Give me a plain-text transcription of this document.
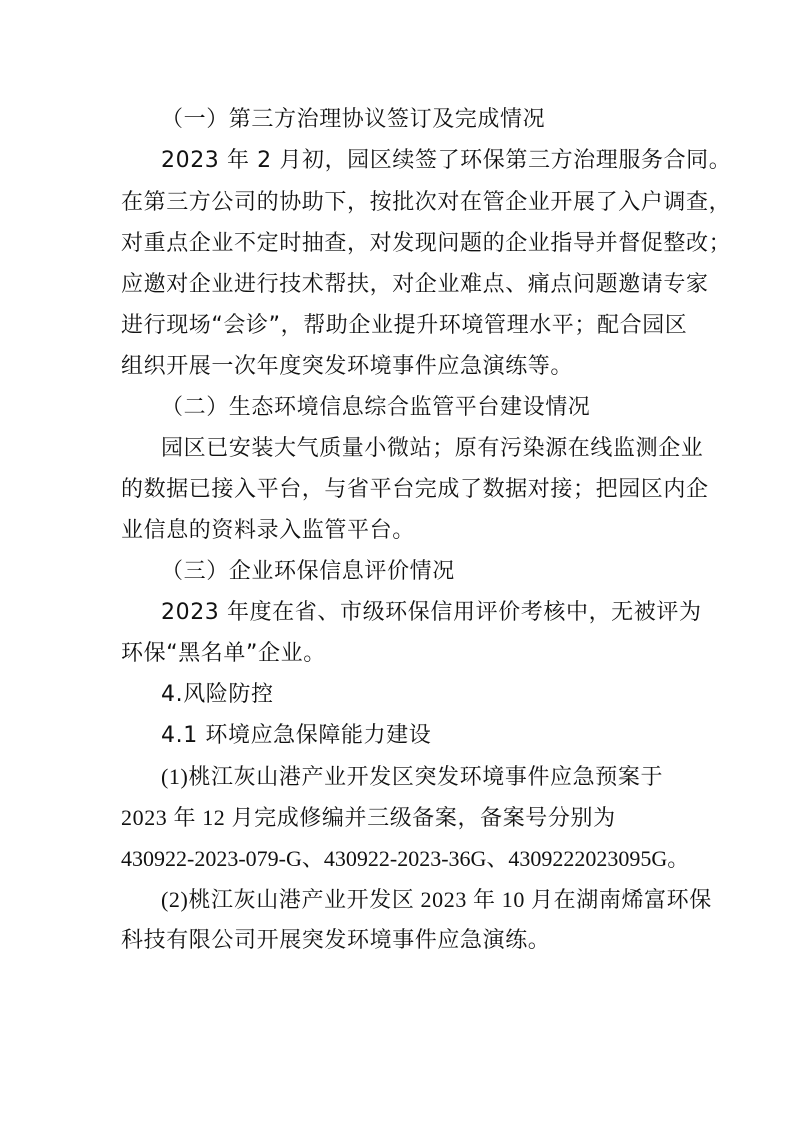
（一）第三方治理协议签订及完成情况
2023 年 2 月初，园区续签了环保第三方治理服务合同。
在第三方公司的协助下，按批次对在管企业开展了入户调查，
对重点企业不定时抽查，对发现问题的企业指导并督促整改；
应邀对企业进行技术帮扶，对企业难点、痛点问题邀请专家
进行现场“会诊”，帮助企业提升环境管理水平；配合园区
组织开展一次年度突发环境事件应急演练等。
（二）生态环境信息综合监管平台建设情况
园区已安装大气质量小微站；原有污染源在线监测企业
的数据已接入平台，与省平台完成了数据对接；把园区内企
业信息的资料录入监管平台。
（三）企业环保信息评价情况
2023 年度在省、市级环保信用评价考核中，无被评为
环保“黑名单”企业。
4.风险防控
4.1 环境应急保障能力建设
(1)桃江灰山港产业开发区突发环境事件应急预案于
2023 年 12 月完成修编并三级备案，备案号分别为
430922-2023-079-G、430922-2023-36G、4309222023095G。
(2)桃江灰山港产业开发区 2023 年 10 月在湖南烯富环保
科技有限公司开展突发环境事件应急演练。
